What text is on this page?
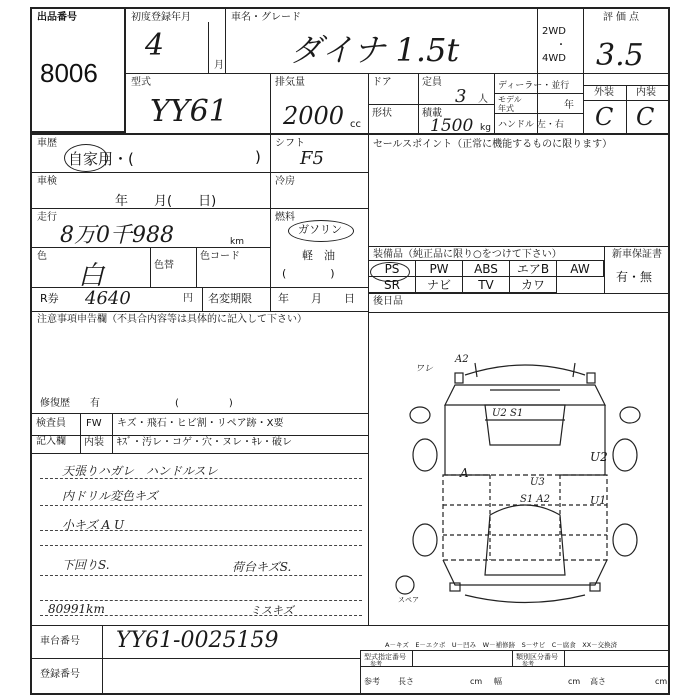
出品番号
8006
初度登録年月
4
月
車名・グレード
ダイナ 1.5t	2WD
・
4WD
評価点
3.5
型式
YY61
排気量
2000 cc
ドア	定員
3 人
形状	積載
1500 kg
ディーラー・並行
モデル
年式	年
ハンドル 左・右
外装 内装
C C
車歴
自家用・(	)
車検
年　　月(　　日)
走行
8万0千988	km
色
白	色替
色コード
R券 4640	円 名変期限 年　　月　　日
注意事項申告欄（不具合内容等は具体的に記入して下さい）
修復歴　　有	(　　　　　)
シフト
F5
冷房
燃料
ガソリン
軽　油
(　　　　)
セールスポイント（正常に機能するものに限ります）
装備品（純正品に限り○をつけて下さい）	新車保証書
有・無
PS	PW	ABS	エアB	AW
SR	ナビ	TV	カワ
後日品
検査員
記入欄
FW キズ・飛石・ヒビ割・リペア跡・X要
内装 ｷｽﾞ・汚レ・コゲ・穴・ヌレ・ｷﾚ・破レ
天張りハガレ　ハンドルスレ
内ドリル変色キズ
小キズ A U
下回りS.	荷台キズS.
80991km	ミスキズ
車台番号 YY61-0025159
登録番号
A－キズ　E－エクボ　U－凹み　W－補修跡　S－サビ　C－腐食　XX－交換済
型式指定番号
参考
類別区分番号
参考
参考 長さ	cm 幅	cm 高さ	cm
ワレ
A2
U2 S1
A
U2
U3
S1 A2	U1
スペア
